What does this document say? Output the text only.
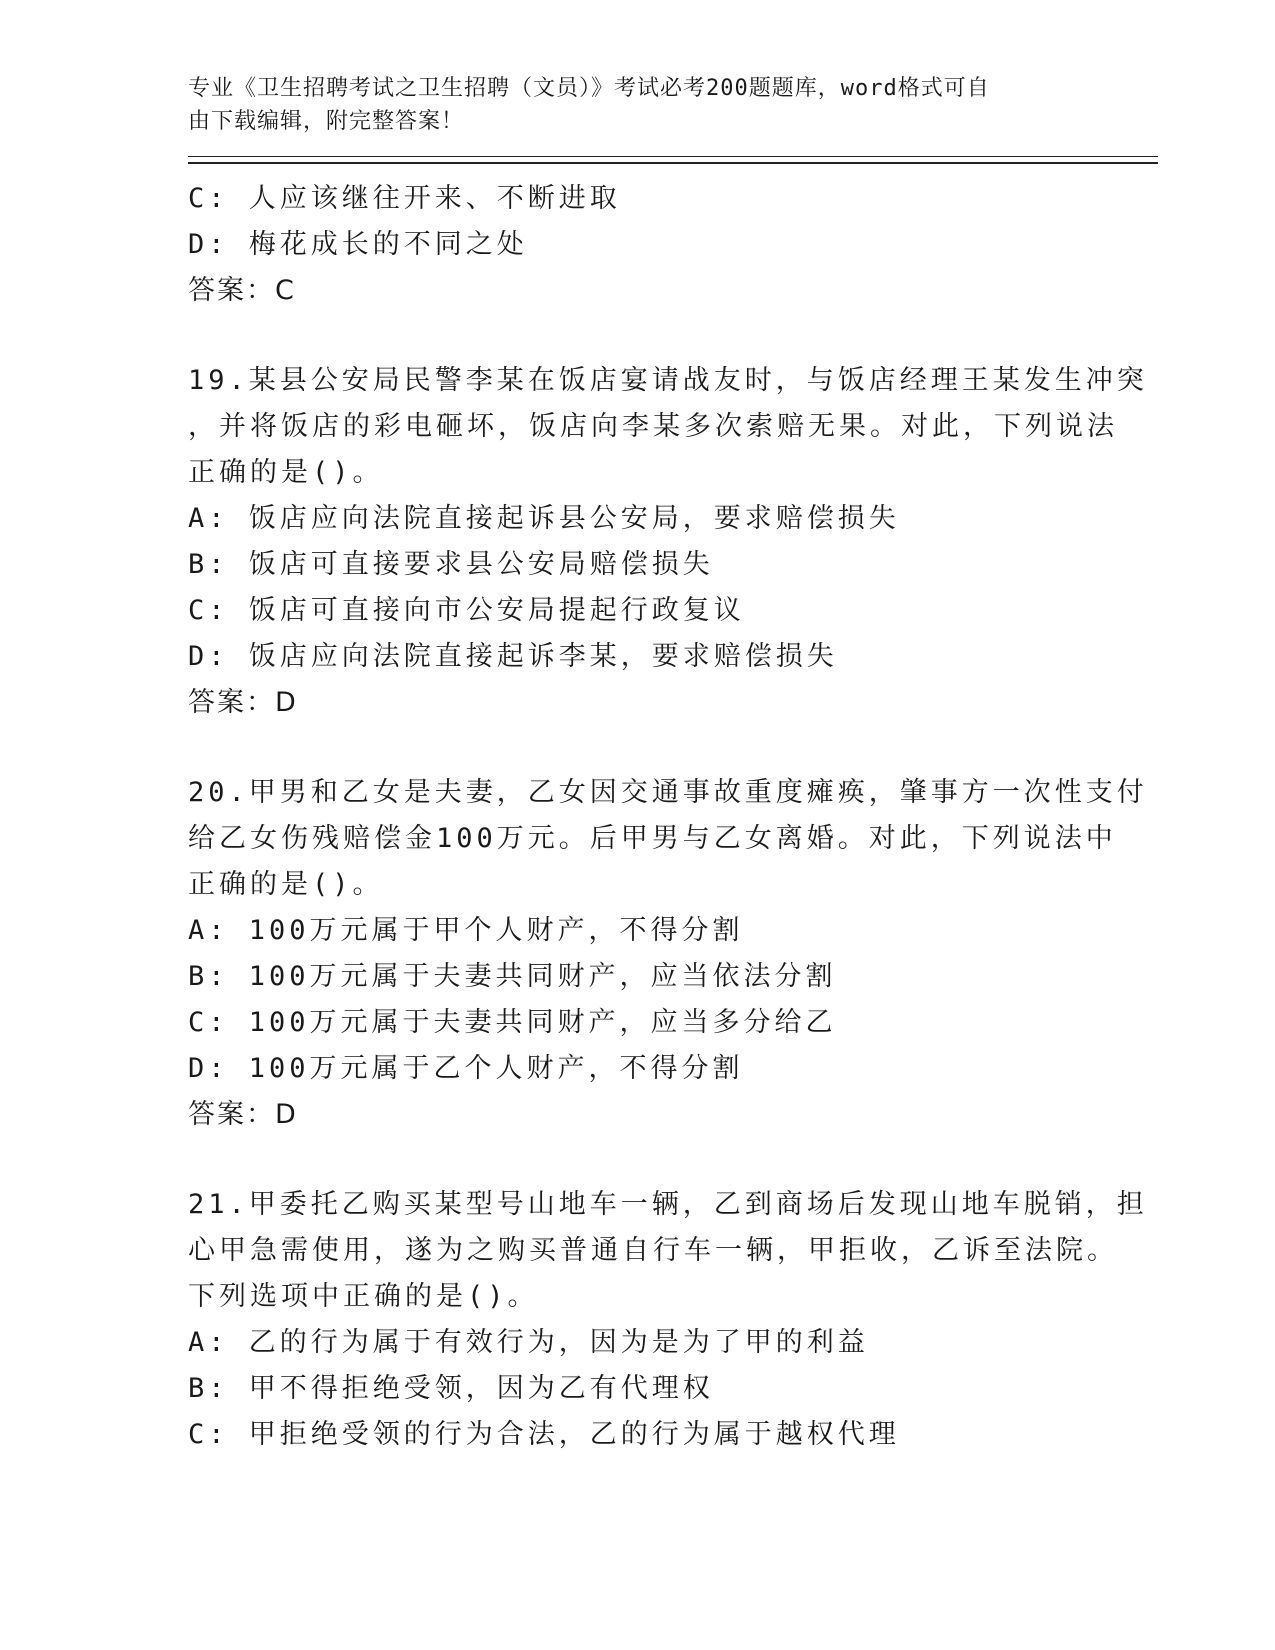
专业《卫生招聘考试之卫生招聘（文员）》考试必考200题题库，word格式可自
由下载编辑，附完整答案！
C: 人应该继往开来、不断进取
D: 梅花成长的不同之处
答案：C
19.某县公安局民警李某在饭店宴请战友时，与饭店经理王某发生冲突
，并将饭店的彩电砸坏，饭店向李某多次索赔无果。对此，下列说法
正确的是()。
A: 饭店应向法院直接起诉县公安局，要求赔偿损失
B: 饭店可直接要求县公安局赔偿损失
C: 饭店可直接向市公安局提起行政复议
D: 饭店应向法院直接起诉李某，要求赔偿损失
答案：D
20.甲男和乙女是夫妻，乙女因交通事故重度瘫痪，肇事方一次性支付
给乙女伤残赔偿金100万元。后甲男与乙女离婚。对此，下列说法中
正确的是()。
A: 100万元属于甲个人财产，不得分割
B: 100万元属于夫妻共同财产，应当依法分割
C: 100万元属于夫妻共同财产，应当多分给乙
D: 100万元属于乙个人财产，不得分割
答案：D
21.甲委托乙购买某型号山地车一辆，乙到商场后发现山地车脱销，担
心甲急需使用，遂为之购买普通自行车一辆，甲拒收，乙诉至法院。
下列选项中正确的是()。
A: 乙的行为属于有效行为，因为是为了甲的利益
B: 甲不得拒绝受领，因为乙有代理权
C: 甲拒绝受领的行为合法，乙的行为属于越权代理
